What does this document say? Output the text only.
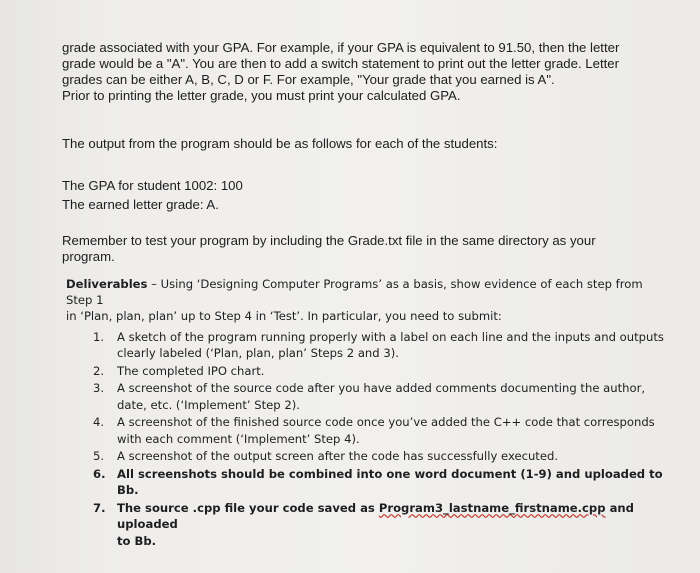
grade associated with your GPA. For example, if your GPA is equivalent to 91.50, then the letter
grade would be a "A". You are then to add a switch statement to print out the letter grade. Letter
grades can be either A, B, C, D or F. For example, "Your grade that you earned is A".
Prior to printing the letter grade, you must print your calculated GPA.

The output from the program should be as follows for each of the students:

The GPA for student 1002: 100

The earned letter grade: A.

Remember to test your program by including the Grade.txt file in the same directory as your
program.

Deliverables – Using ‘Designing Computer Programs’ as a basis, show evidence of each step from Step 1
in ‘Plan, plan, plan’ up to Step 4 in ‘Test’. In particular, you need to submit:

1. A sketch of the program running properly with a label on each line and the inputs and outputs
clearly labeled (‘Plan, plan, plan’ Steps 2 and 3).
2. The completed IPO chart.
3. A screenshot of the source code after you have added comments documenting the author,
date, etc. (‘Implement’ Step 2).
4. A screenshot of the finished source code once you’ve added the C++ code that corresponds
with each comment (‘Implement’ Step 4).
5. A screenshot of the output screen after the code has successfully executed.
6. All screenshots should be combined into one word document (1-9) and uploaded to Bb.
7. The source .cpp file your code saved as Program3_lastname_firstname.cpp and uploaded
to Bb.
